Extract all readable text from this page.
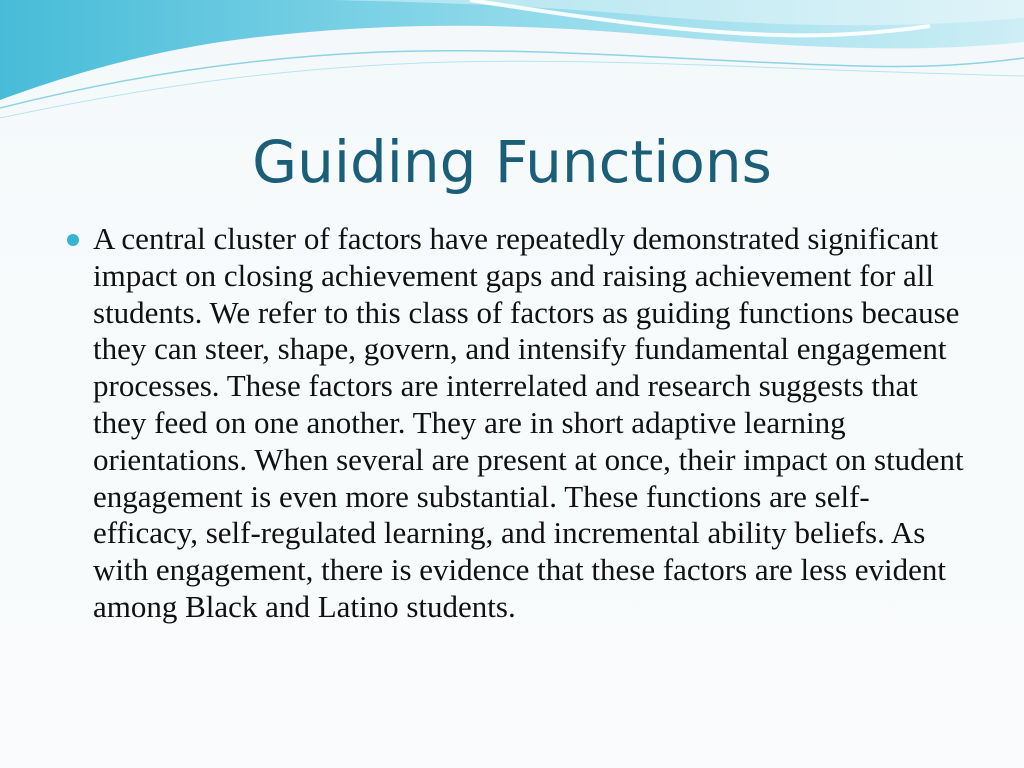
Guiding Functions

A central cluster of factors have repeatedly demonstrated significant impact on closing achievement gaps and raising achievement for all students. We refer to this class of factors as guiding functions because they can steer, shape, govern, and intensify fundamental engagement processes. These factors are interrelated and research suggests that they feed on one another. They are in short adaptive learning orientations. When several are present at once, their impact on student engagement is even more substantial. These functions are self-efficacy, self-regulated learning, and incremental ability beliefs. As with engagement, there is evidence that these factors are less evident among Black and Latino students.
